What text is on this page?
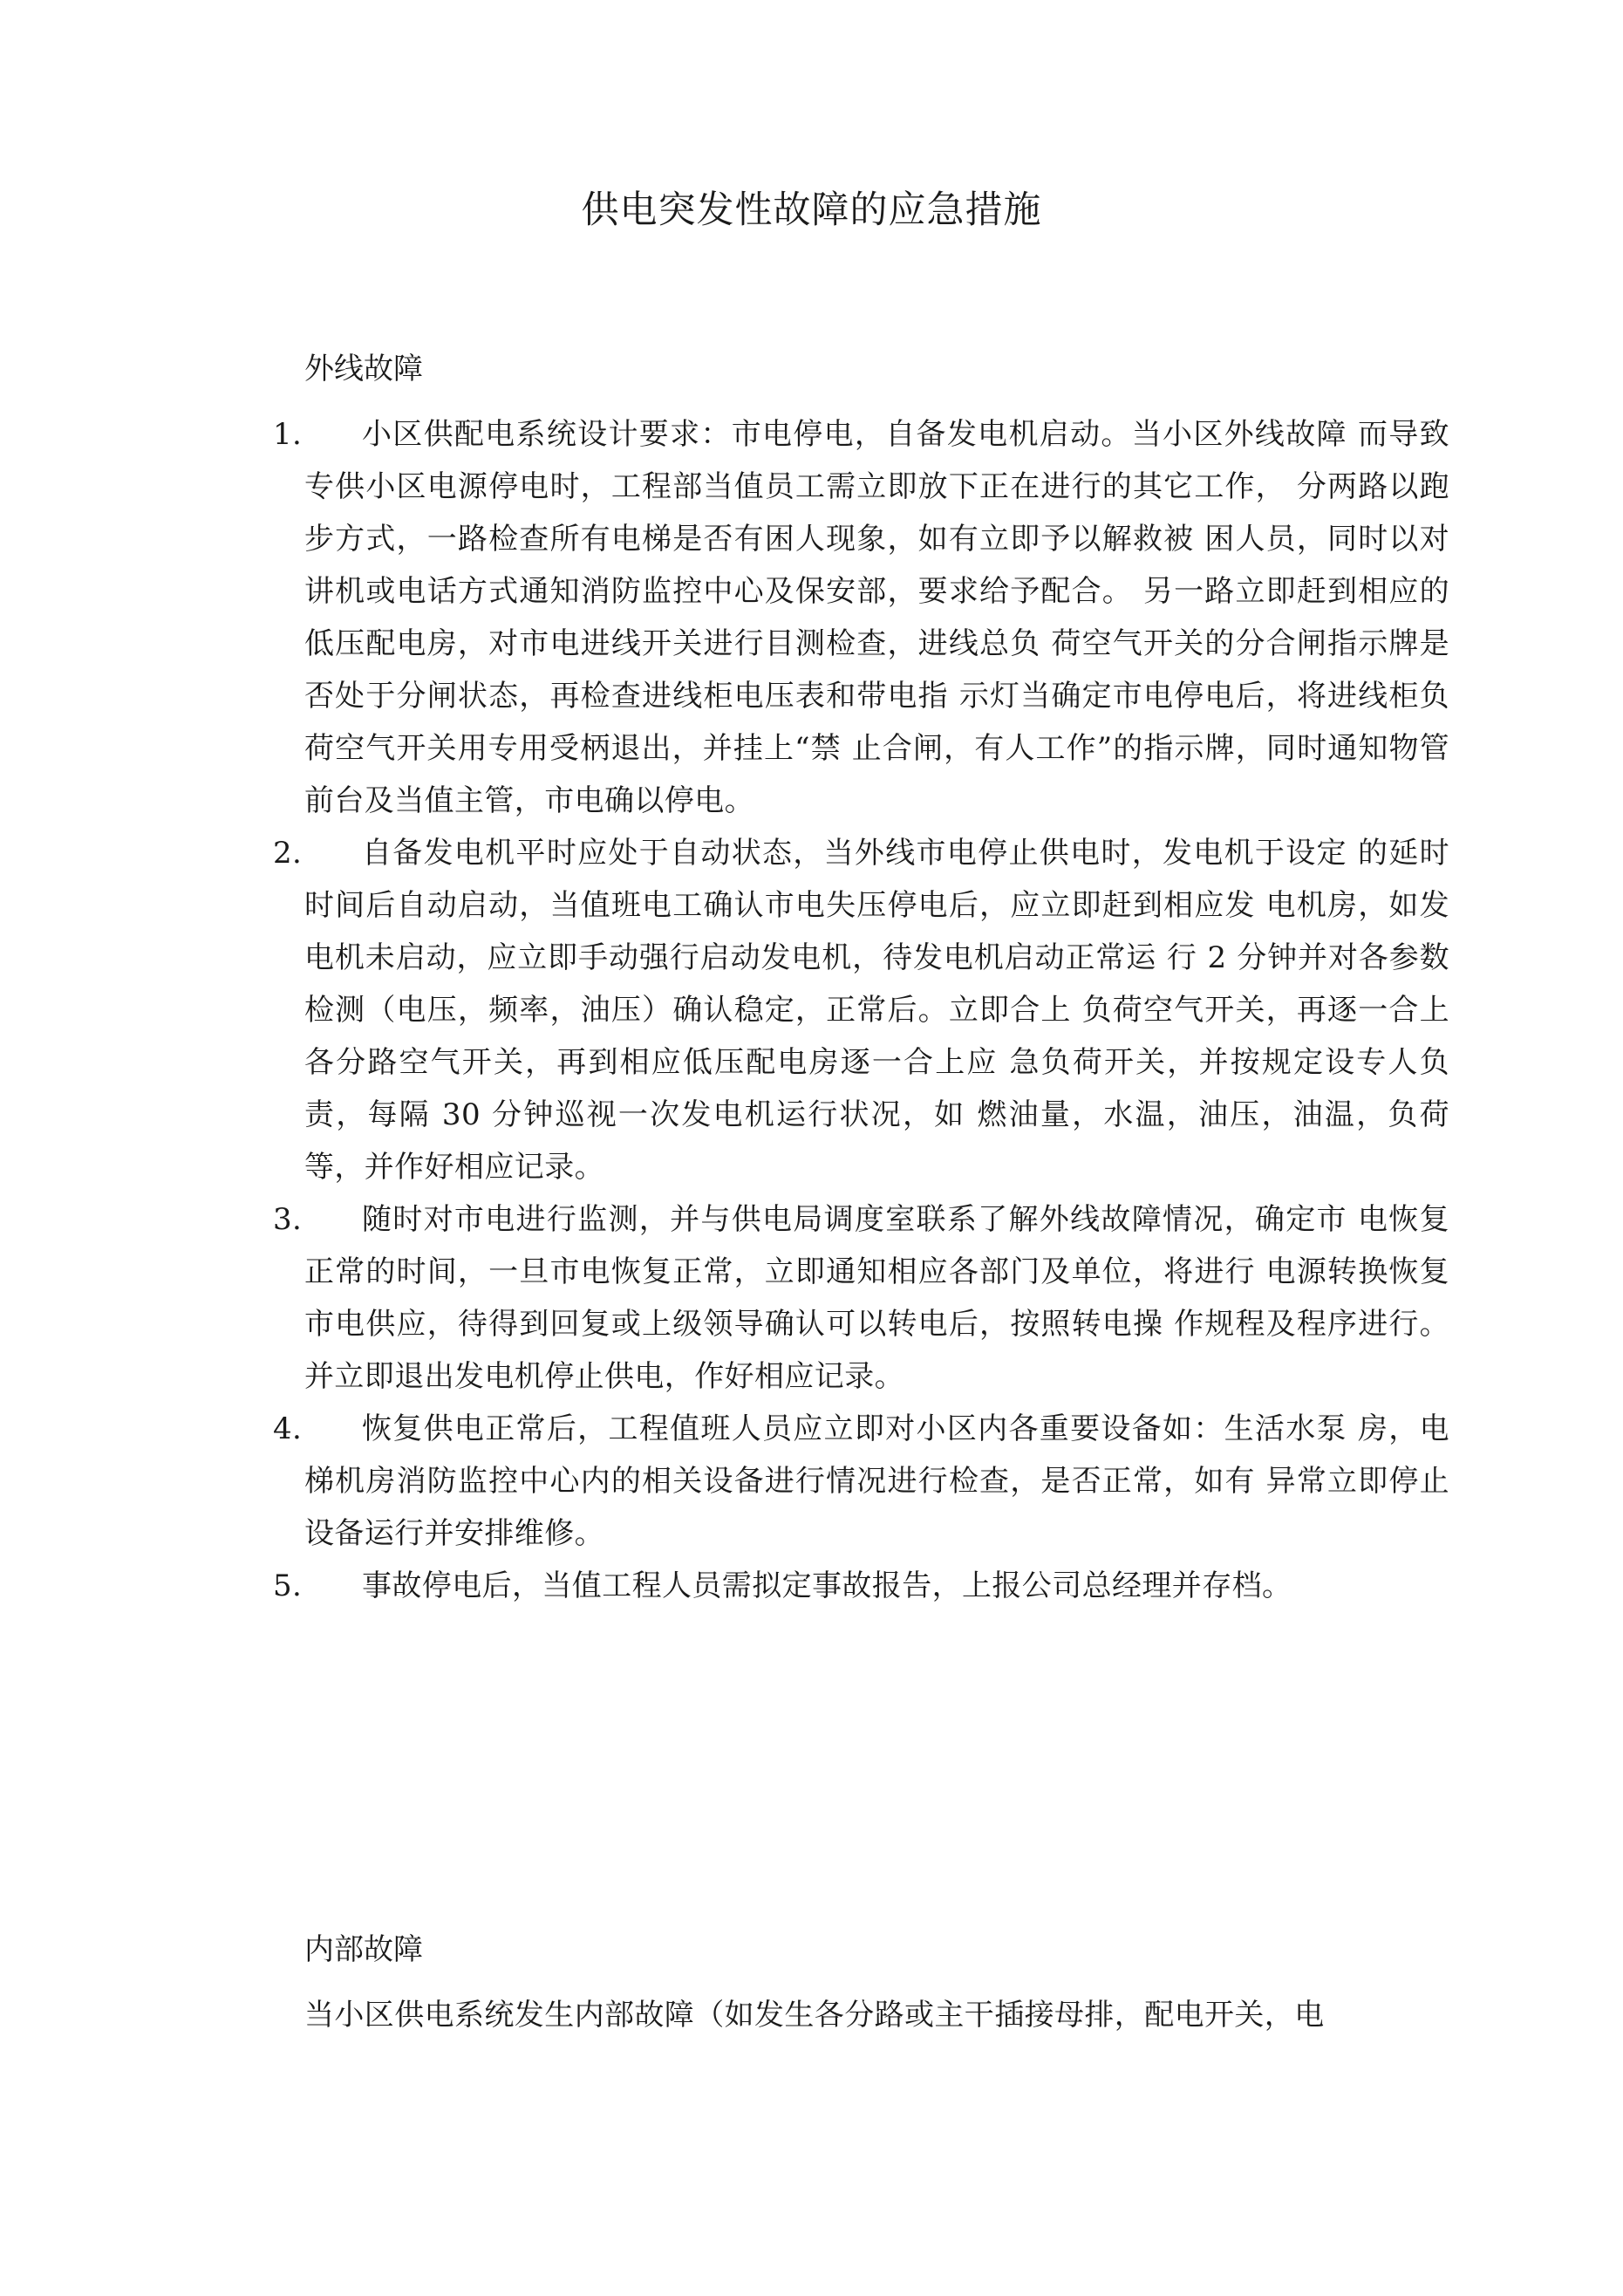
供电突发性故障的应急措施
外线故障
1. 小区供配电系统设计要求：市电停电，自备发电机启动。当小区外线故障 而导致专供小区电源停电时，工程部当值员工需立即放下正在进行的其它工作， 分两路以跑步方式，一路检查所有电梯是否有困人现象，如有立即予以解救被 困人员，同时以对讲机或电话方式通知消防监控中心及保安部，要求给予配合。 另一路立即赶到相应的低压配电房，对市电进线开关进行目测检查，进线总负 荷空气开关的分合闸指示牌是否处于分闸状态，再检查进线柜电压表和带电指 示灯当确定市电停电后，将进线柜负荷空气开关用专用受柄退出，并挂上“禁 止合闸，有人工作”的指示牌，同时通知物管前台及当值主管，市电确以停电。
2. 自备发电机平时应处于自动状态，当外线市电停止供电时，发电机于设定 的延时时间后自动启动，当值班电工确认市电失压停电后，应立即赶到相应发 电机房，如发电机未启动，应立即手动强行启动发电机，待发电机启动正常运 行 2 分钟并对各参数检测（电压，频率，油压）确认稳定，正常后。立即合上 负荷空气开关，再逐一合上各分路空气开关，再到相应低压配电房逐一合上应 急负荷开关，并按规定设专人负责，每隔 30 分钟巡视一次发电机运行状况，如 燃油量，水温，油压，油温，负荷等，并作好相应记录。
3. 随时对市电进行监测，并与供电局调度室联系了解外线故障情况，确定市 电恢复正常的时间，一旦市电恢复正常，立即通知相应各部门及单位，将进行 电源转换恢复市电供应，待得到回复或上级领导确认可以转电后，按照转电操 作规程及程序进行。并立即退出发电机停止供电，作好相应记录。
4. 恢复供电正常后，工程值班人员应立即对小区内各重要设备如：生活水泵 房，电梯机房消防监控中心内的相关设备进行情况进行检查，是否正常，如有 异常立即停止设备运行并安排维修。
5. 事故停电后，当值工程人员需拟定事故报告，上报公司总经理并存档。
内部故障
当小区供电系统发生内部故障（如发生各分路或主干插接母排，配电开关，电
